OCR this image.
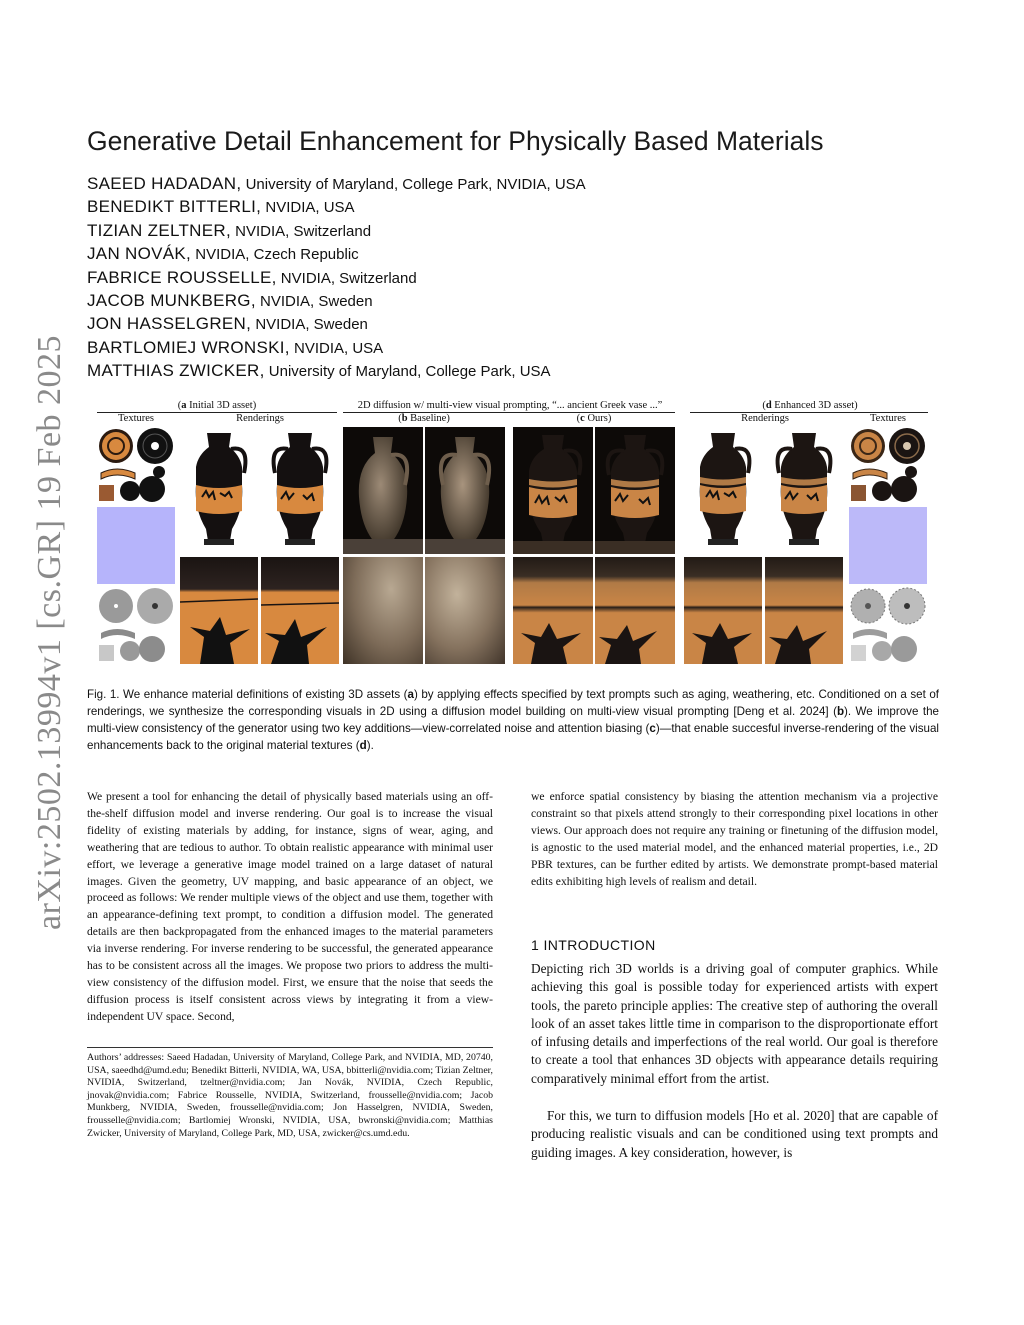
arXiv:2502.13994v1 [cs.GR] 19 Feb 2025
Generative Detail Enhancement for Physically Based Materials
SAEED HADADAN, University of Maryland, College Park, NVIDIA, USA
BENEDIKT BITTERLI, NVIDIA, USA
TIZIAN ZELTNER, NVIDIA, Switzerland
JAN NOVÁK, NVIDIA, Czech Republic
FABRICE ROUSSELLE, NVIDIA, Switzerland
JACOB MUNKBERG, NVIDIA, Sweden
JON HASSELGREN, NVIDIA, Sweden
BARTLOMIEJ WRONSKI, NVIDIA, USA
MATTHIAS ZWICKER, University of Maryland, College Park, USA
(a Initial 3D asset)	2D diffusion w/ multi-view visual prompting, “... ancient Greek vase ...”	(d Enhanced 3D asset)
Textures	Renderings	(b Baseline)	(c Ours)	Renderings	Textures
Fig. 1. We enhance material definitions of existing 3D assets (a) by applying effects specified by text prompts such as aging, weathering, etc. Conditioned on a set of renderings, we synthesize the corresponding visuals in 2D using a diffusion model building on multi-view visual prompting [Deng et al. 2024] (b). We improve the multi-view consistency of the generator using two key additions—view-correlated noise and attention biasing (c)—that enable succesful inverse-rendering of the visual enhancements back to the original material textures (d).
We present a tool for enhancing the detail of physically based materials using an off-the-shelf diffusion model and inverse rendering. Our goal is to increase the visual fidelity of existing materials by adding, for instance, signs of wear, aging, and weathering that are tedious to author. To obtain realistic appearance with minimal user effort, we leverage a generative image model trained on a large dataset of natural images. Given the geometry, UV mapping, and basic appearance of an object, we proceed as follows: We render multiple views of the object and use them, together with an appearance-defining text prompt, to condition a diffusion model. The generated details are then backpropagated from the enhanced images to the material parameters via inverse rendering. For inverse rendering to be successful, the generated appearance has to be consistent across all the images. We propose two priors to address the multi-view consistency of the diffusion model. First, we ensure that the noise that seeds the diffusion process is itself consistent across views by integrating it from a view-independent UV space. Second,
we enforce spatial consistency by biasing the attention mechanism via a projective constraint so that pixels attend strongly to their corresponding pixel locations in other views. Our approach does not require any training or finetuning of the diffusion model, is agnostic to the used material model, and the enhanced material properties, i.e., 2D PBR textures, can be further edited by artists. We demonstrate prompt-based material edits exhibiting high levels of realism and detail.
1 INTRODUCTION
Depicting rich 3D worlds is a driving goal of computer graphics. While achieving this goal is possible today for experienced artists with expert tools, the pareto principle applies: The creative step of authoring the overall look of an asset takes little time in comparison to the disproportionate effort of infusing details and imperfections of the real world. Our goal is therefore to create a tool that enhances 3D objects with appearance details requiring comparatively minimal effort from the artist.
For this, we turn to diffusion models [Ho et al. 2020] that are capable of producing realistic visuals and can be conditioned using text prompts and guiding images. A key consideration, however, is
Authors’ addresses: Saeed Hadadan, University of Maryland, College Park, and NVIDIA, MD, 20740, USA, saeedhd@umd.edu; Benedikt Bitterli, NVIDIA, WA, USA, bbitterli@nvidia.com; Tizian Zeltner, NVIDIA, Switzerland, tzeltner@nvidia.com; Jan Novák, NVIDIA, Czech Republic, jnovak@nvidia.com; Fabrice Rousselle, NVIDIA, Switzerland, frousselle@nvidia.com; Jacob Munkberg, NVIDIA, Sweden, frousselle@nvidia.com; Jon Hasselgren, NVIDIA, Sweden, frousselle@nvidia.com; Bartlomiej Wronski, NVIDIA, USA, bwronski@nvidia.com; Matthias Zwicker, University of Maryland, College Park, MD, USA, zwicker@cs.umd.edu.
